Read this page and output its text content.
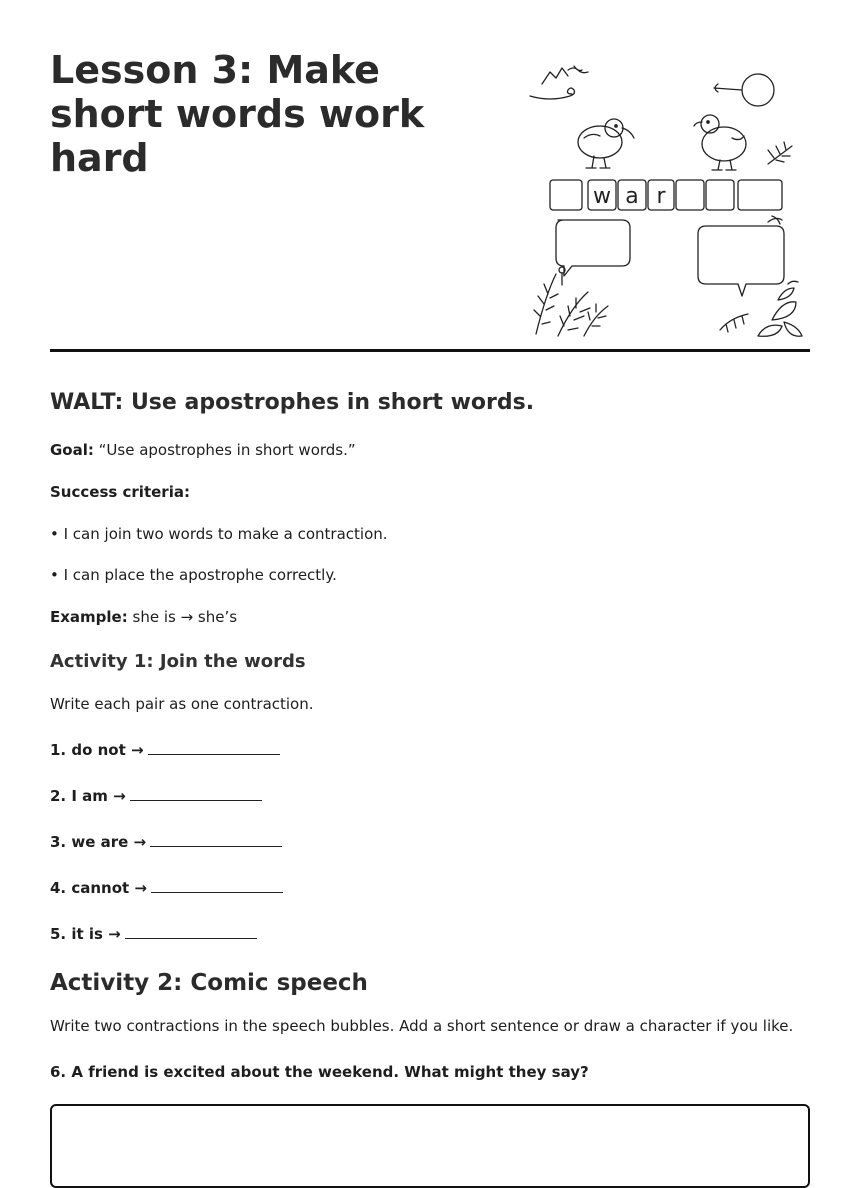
Lesson 3: Make short words work hard
w a r
WALT: Use apostrophes in short words.

Goal: “Use apostrophes in short words.”

Success criteria:

• I can join two words to make a contraction.

• I can place the apostrophe correctly.

Example: she is → she’s

Activity 1: Join the words

Write each pair as one contraction.

1. do not →

2. I am →

3. we are →

4. cannot →

5. it is →

Activity 2: Comic speech

Write two contractions in the speech bubbles. Add a short sentence or draw a character if you like.

6. A friend is excited about the weekend. What might they say?
